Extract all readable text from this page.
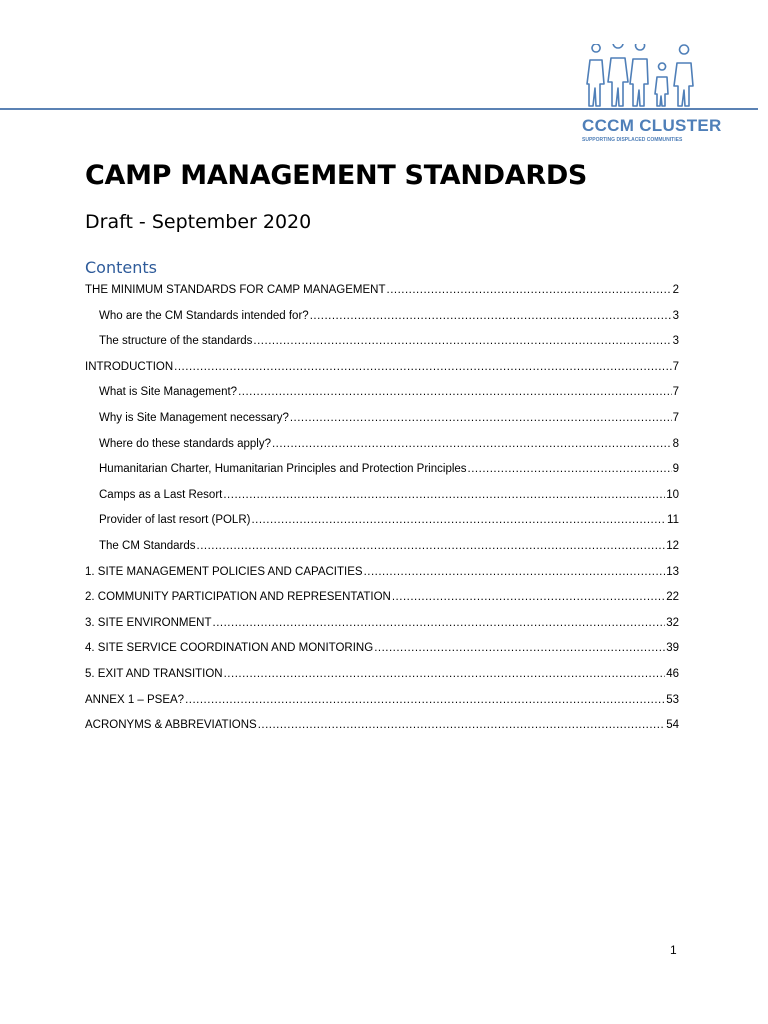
CCCM CLUSTER
SUPPORTING DISPLACED COMMUNITIES
CAMP MANAGEMENT STANDARDS
Draft - September 2020
Contents
THE MINIMUM STANDARDS FOR CAMP MANAGEMENT .....	2
Who are the CM Standards intended for? .....	3
The structure of the standards .....	3
INTRODUCTION .....	7
What is Site Management? .....	7
Why is Site Management necessary? .....	7
Where do these standards apply? .....	8
Humanitarian Charter, Humanitarian Principles and Protection Principles .....	9
Camps as a Last Resort .....	10
Provider of last resort (POLR) .....	11
The CM Standards .....	12
1. SITE MANAGEMENT POLICIES AND CAPACITIES .....	13
2. COMMUNITY PARTICIPATION AND REPRESENTATION .....	22
3. SITE ENVIRONMENT .....	32
4. SITE SERVICE COORDINATION AND MONITORING .....	39
5. EXIT AND TRANSITION .....	46
ANNEX 1 – PSEA? .....	53
ACRONYMS & ABBREVIATIONS .....	54
1
